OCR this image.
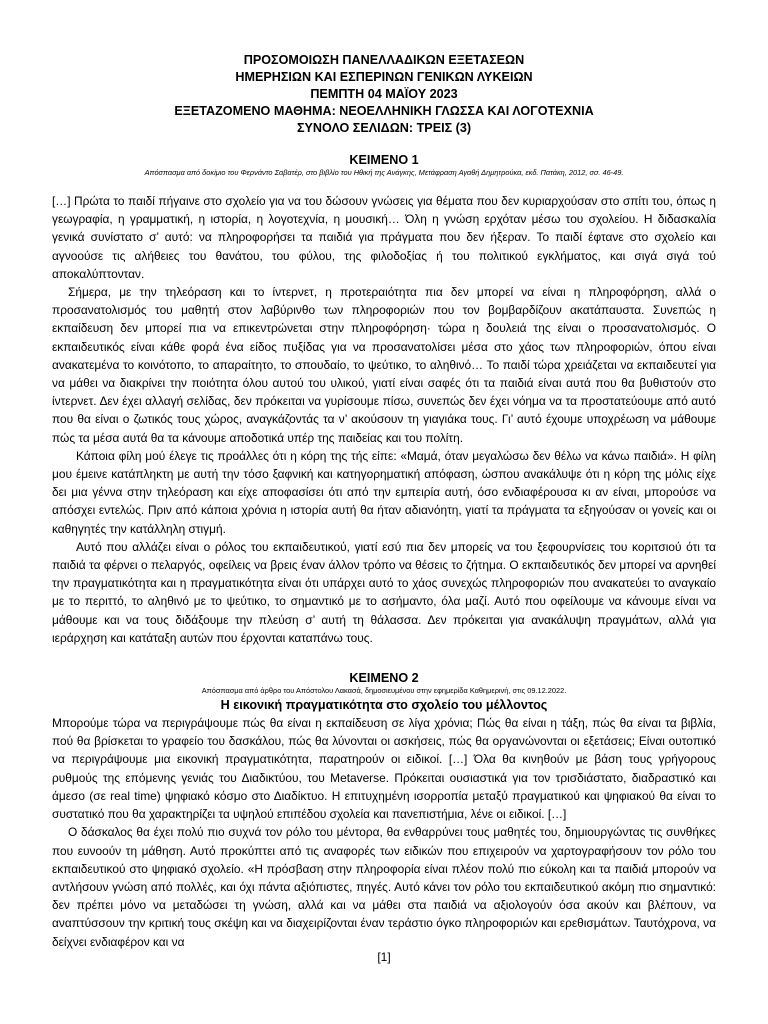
ΠΡΟΣΟΜΟΙΩΣΗ ΠΑΝΕΛΛΑΔΙΚΩΝ ΕΞΕΤΑΣΕΩΝ
ΗΜΕΡΗΣΙΩΝ ΚΑΙ ΕΣΠΕΡΙΝΩΝ ΓΕΝΙΚΩΝ ΛΥΚΕΙΩΝ
ΠΕΜΠΤΗ 04 ΜΑΪΟΥ 2023
ΕΞΕΤΑΖΟΜΕΝΟ ΜΑΘΗΜΑ: ΝΕΟΕΛΛΗΝΙΚΗ ΓΛΩΣΣΑ ΚΑΙ ΛΟΓΟΤΕΧΝΙΑ
ΣΥΝΟΛΟ ΣΕΛΙΔΩΝ: ΤΡΕΙΣ (3)
ΚΕΙΜΕΝΟ 1
Απόσπασμα από δοκίμιο του Φερνάντο Σαβατέρ, στο βιβλίο του Ηθική της Ανάγκης, Μετάφραση Αγαθή Δημητρούκα, εκδ. Πατάκη, 2012, σσ. 46-49.

[…] Πρώτα το παιδί πήγαινε στο σχολείο για να του δώσουν γνώσεις για θέματα που δεν κυριαρχούσαν στο σπίτι του, όπως η γεωγραφία, η γραμματική, η ιστορία, η λογοτεχνία, η μουσική… Όλη η γνώση ερχόταν μέσω του σχολείου. Η διδασκαλία γενικά συνίστατο σ’ αυτό: να πληροφορήσει τα παιδιά για πράγματα που δεν ήξεραν. Το παιδί έφτανε στο σχολείο και αγνοούσε τις αλήθειες του θανάτου, του φύλου, της φιλοδοξίας ή του πολιτικού εγκλήματος, και σιγά σιγά τού αποκαλύπτονταν.

Σήμερα, με την τηλεόραση και το ίντερνετ, η προτεραιότητα πια δεν μπορεί να είναι η πληροφόρηση, αλλά ο προσανατολισμός του μαθητή στον λαβύρινθο των πληροφοριών που τον βομβαρδίζουν ακατάπαυστα. Συνεπώς η εκπαίδευση δεν μπορεί πια να επικεντρώνεται στην πληροφόρηση· τώρα η δουλειά της είναι ο προσανατολισμός. Ο εκπαιδευτικός είναι κάθε φορά ένα είδος πυξίδας για να προσανατολίσει μέσα στο χάος των πληροφοριών, όπου είναι ανακατεμένα το κοινότοπο, το απαραίτητο, το σπουδαίο, το ψεύτικο, το αληθινό… Το παιδί τώρα χρειάζεται να εκπαιδευτεί για να μάθει να διακρίνει την ποιότητα όλου αυτού του υλικού, γιατί είναι σαφές ότι τα παιδιά είναι αυτά που θα βυθιστούν στο ίντερνετ. Δεν έχει αλλαγή σελίδας, δεν πρόκειται να γυρίσουμε πίσω, συνεπώς δεν έχει νόημα να τα προστατεύουμε από αυτό που θα είναι ο ζωτικός τους χώρος, αναγκάζοντάς τα ν’ ακούσουν τη γιαγιάκα τους. Γι’ αυτό έχουμε υποχρέωση να μάθουμε πώς τα μέσα αυτά θα τα κάνουμε αποδοτικά υπέρ της παιδείας και του πολίτη.

Κάποια φίλη μού έλεγε τις προάλλες ότι η κόρη της τής είπε: «Μαμά, όταν μεγαλώσω δεν θέλω να κάνω παιδιά». Η φίλη μου έμεινε κατάπληκτη με αυτή την τόσο ξαφνική και κατηγορηματική απόφαση, ώσπου ανακάλυψε ότι η κόρη της μόλις είχε δει μια γέννα στην τηλεόραση και είχε αποφασίσει ότι από την εμπειρία αυτή, όσο ενδιαφέρουσα κι αν είναι, μπορούσε να απόσχει εντελώς. Πριν από κάποια χρόνια η ιστορία αυτή θα ήταν αδιανόητη, γιατί τα πράγματα τα εξηγούσαν οι γονείς και οι καθηγητές την κατάλληλη στιγμή.

Αυτό που αλλάζει είναι ο ρόλος του εκπαιδευτικού, γιατί εσύ πια δεν μπορείς να του ξεφουρνίσεις του κοριτσιού ότι τα παιδιά τα φέρνει ο πελαργός, οφείλεις να βρεις έναν άλλον τρόπο να θέσεις το ζήτημα. Ο εκπαιδευτικός δεν μπορεί να αρνηθεί την πραγματικότητα και η πραγματικότητα είναι ότι υπάρχει αυτό το χάος συνεχώς πληροφοριών που ανακατεύει το αναγκαίο με το περιττό, το αληθινό με το ψεύτικο, το σημαντικό με το ασήμαντο, όλα μαζί. Αυτό που οφείλουμε να κάνουμε είναι να μάθουμε και να τους διδάξουμε την πλεύση σ’ αυτή τη θάλασσα. Δεν πρόκειται για ανακάλυψη πραγμάτων, αλλά για ιεράρχηση και κατάταξη αυτών που έρχονται καταπάνω τους.

ΚΕΙΜΕΝΟ 2
Απόσπασμα από άρθρο του Απόστολου Λακασά, δημοσιευμένου στην εφημερίδα Καθημερινή, στις 09.12.2022.
Η εικονική πραγματικότητα στο σχολείο του μέλλοντος

Μπορούμε τώρα να περιγράψουμε πώς θα είναι η εκπαίδευση σε λίγα χρόνια; Πώς θα είναι η τάξη, πώς θα είναι τα βιβλία, πού θα βρίσκεται το γραφείο του δασκάλου, πώς θα λύνονται οι ασκήσεις, πώς θα οργανώνονται οι εξετάσεις; Είναι ουτοπικό να περιγράψουμε μια εικονική πραγματικότητα, παρατηρούν οι ειδικοί. […] Όλα θα κινηθούν με βάση τους γρήγορους ρυθμούς της επόμενης γενιάς του Διαδικτύου, του Metaverse. Πρόκειται ουσιαστικά για τον τρισδιάστατο, διαδραστικό και άμεσο (σε real time) ψηφιακό κόσμο στο Διαδίκτυο. Η επιτυχημένη ισορροπία μεταξύ πραγματικού και ψηφιακού θα είναι το συστατικό που θα χαρακτηρίζει τα υψηλού επιπέδου σχολεία και πανεπιστήμια, λένε οι ειδικοί. […]

Ο δάσκαλος θα έχει πολύ πιο συχνά τον ρόλο του μέντορα, θα ενθαρρύνει τους μαθητές του, δημιουργώντας τις συνθήκες που ευνοούν τη μάθηση. Αυτό προκύπτει από τις αναφορές των ειδικών που επιχειρούν να χαρτογραφήσουν τον ρόλο του εκπαιδευτικού στο ψηφιακό σχολείο. «Η πρόσβαση στην πληροφορία είναι πλέον πολύ πιο εύκολη και τα παιδιά μπορούν να αντλήσουν γνώση από πολλές, και όχι πάντα αξιόπιστες, πηγές. Αυτό κάνει τον ρόλο του εκπαιδευτικού ακόμη πιο σημαντικό: δεν πρέπει μόνο να μεταδώσει τη γνώση, αλλά και να μάθει στα παιδιά να αξιολογούν όσα ακούν και βλέπουν, να αναπτύσσουν την κριτική τους σκέψη και να διαχειρίζονται έναν τεράστιο όγκο πληροφοριών και ερεθισμάτων. Ταυτόχρονα, να δείχνει ενδιαφέρον και να

[1]
